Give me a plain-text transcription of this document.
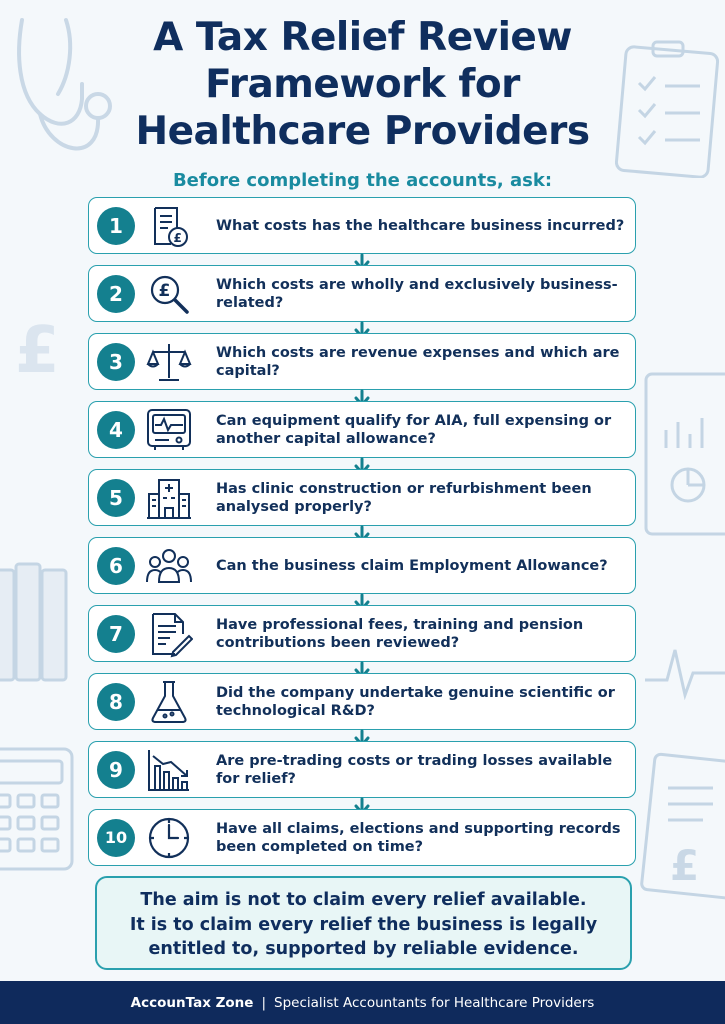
£
£
A Tax Relief Review
Framework for
Healthcare Providers
Before completing the accounts, ask:
1	£
What costs has the healthcare business incurred?
2	£	Which costs are wholly and exclusively business-related?
3	Which costs are revenue expenses and which are capital?
4	Can equipment qualify for AIA, full expensing or another capital allowance?
5	Has clinic construction or refurbishment been analysed properly?
6	Can the business claim Employment Allowance?
7	Have professional fees, training and pension contributions been reviewed?
8	Did the company undertake genuine scientific or technological R&D?
9	Are pre-trading costs or trading losses available for relief?
10	Have all claims, elections and supporting records been completed on time?

The aim is not to claim every relief available.

It is to claim every relief the business is legally

entitled to, supported by reliable evidence.

AccounTax Zone | Specialist Accountants for Healthcare Providers
